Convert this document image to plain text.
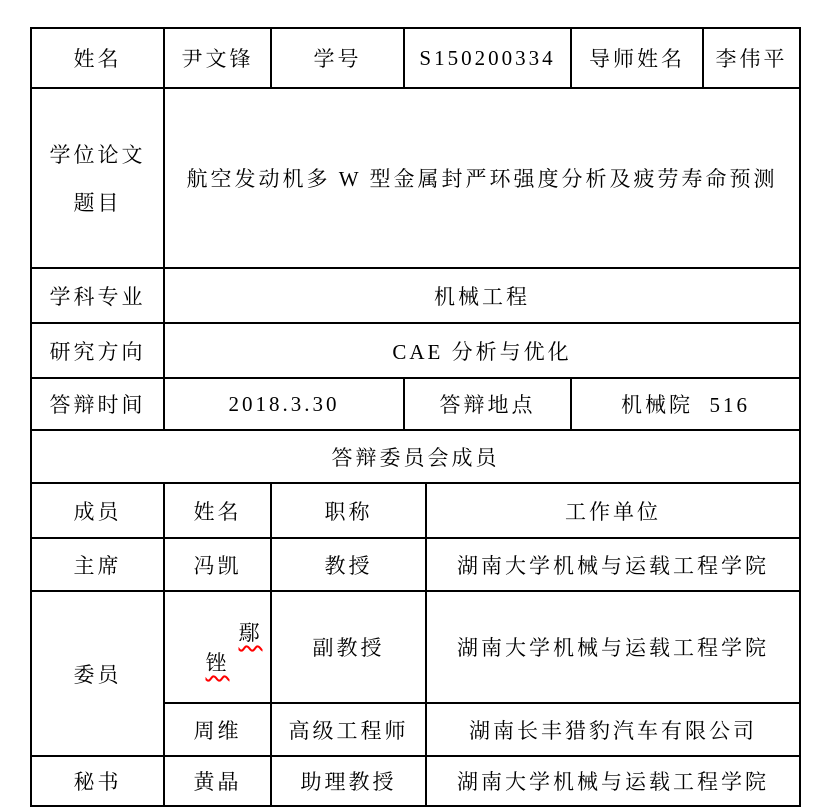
姓名	尹文锋	学号	S150200334		导师姓名	李伟平

学位论文
题目	航空发动机多 W 型金属封严环强度分析及疲劳寿命预测					
学科专业	机械工程					
研究方向	CAE 分析与优化					
答辩时间	2018.3.30		答辩地点		机械院  516	
答辩委员会成员						
成员	姓名	职称		工作单位		
主席	冯凯	教授		湖南大学机械与运载工程学院		
委员	鄢锉	副教授		湖南大学机械与运载工程学院		
	周维	高级工程师		湖南长丰猎豹汽车有限公司		
秘书	黄晶	助理教授		湖南大学机械与运载工程学院		
